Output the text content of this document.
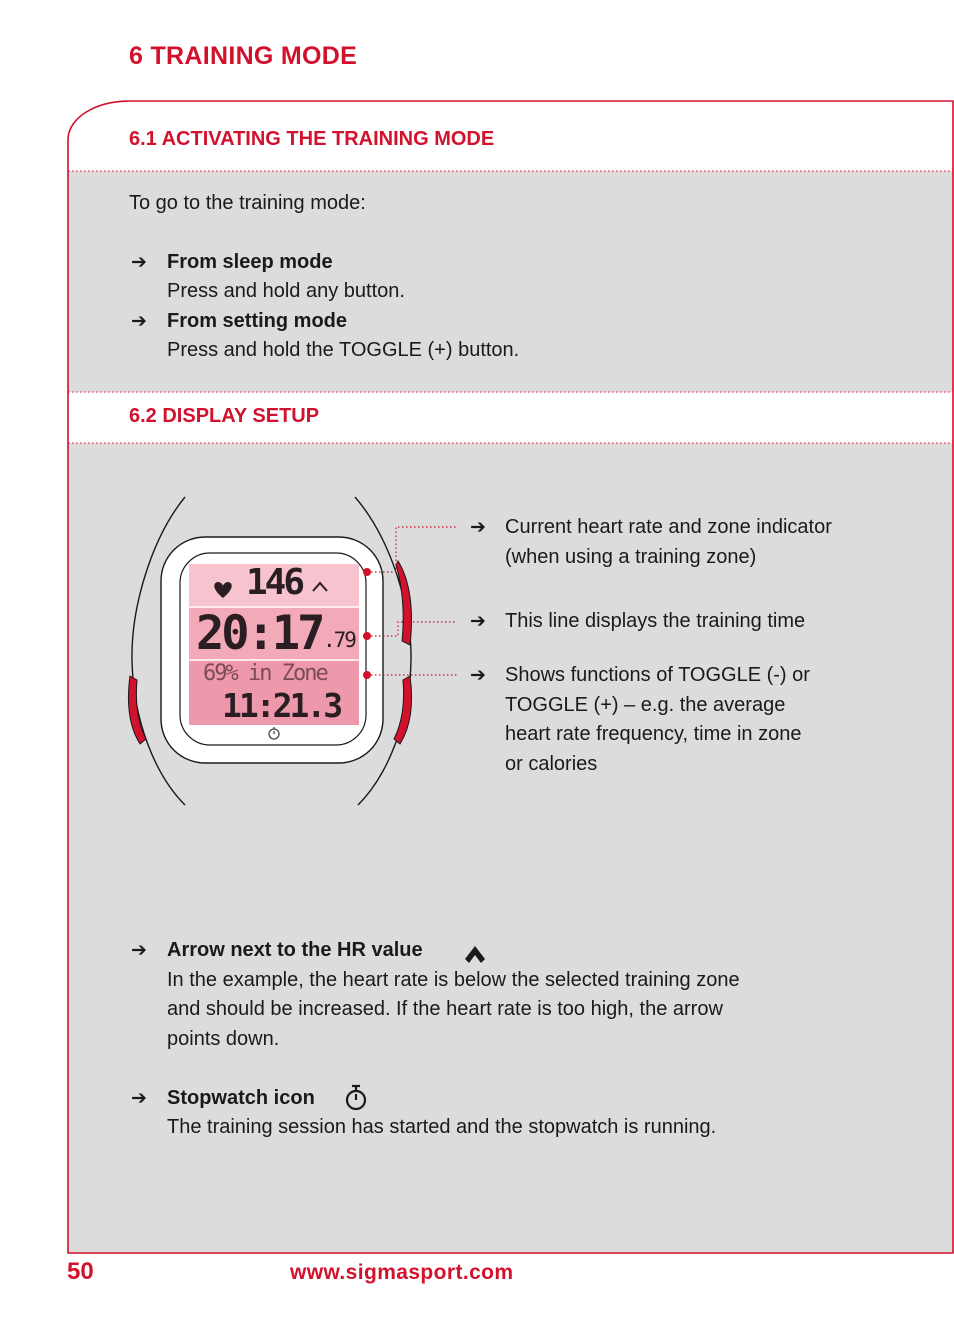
146
20:17 .79
69% in Zone
11:21.3
6 TRAINING MODE
6.1 ACTIVATING THE TRAINING MODE
6.2 DISPLAY SETUP
To go to the training mode:
➔ From sleep mode
Press and hold any button.
➔ From setting mode
Press and hold the TOGGLE (+) button.
➔ Current heart rate and zone indicator
(when using a training zone)
➔ This line displays the training time
➔ Shows functions of TOGGLE (-) or
TOGGLE (+) – e.g. the average
heart rate frequency, time in zone
or calories
➔ Arrow next to the HR value
In the example, the heart rate is below the selected training zone
and should be increased. If the heart rate is too high, the arrow
points down.
➔ Stopwatch icon
The training session has started and the stopwatch is running.
50	www.sigmasport.com
